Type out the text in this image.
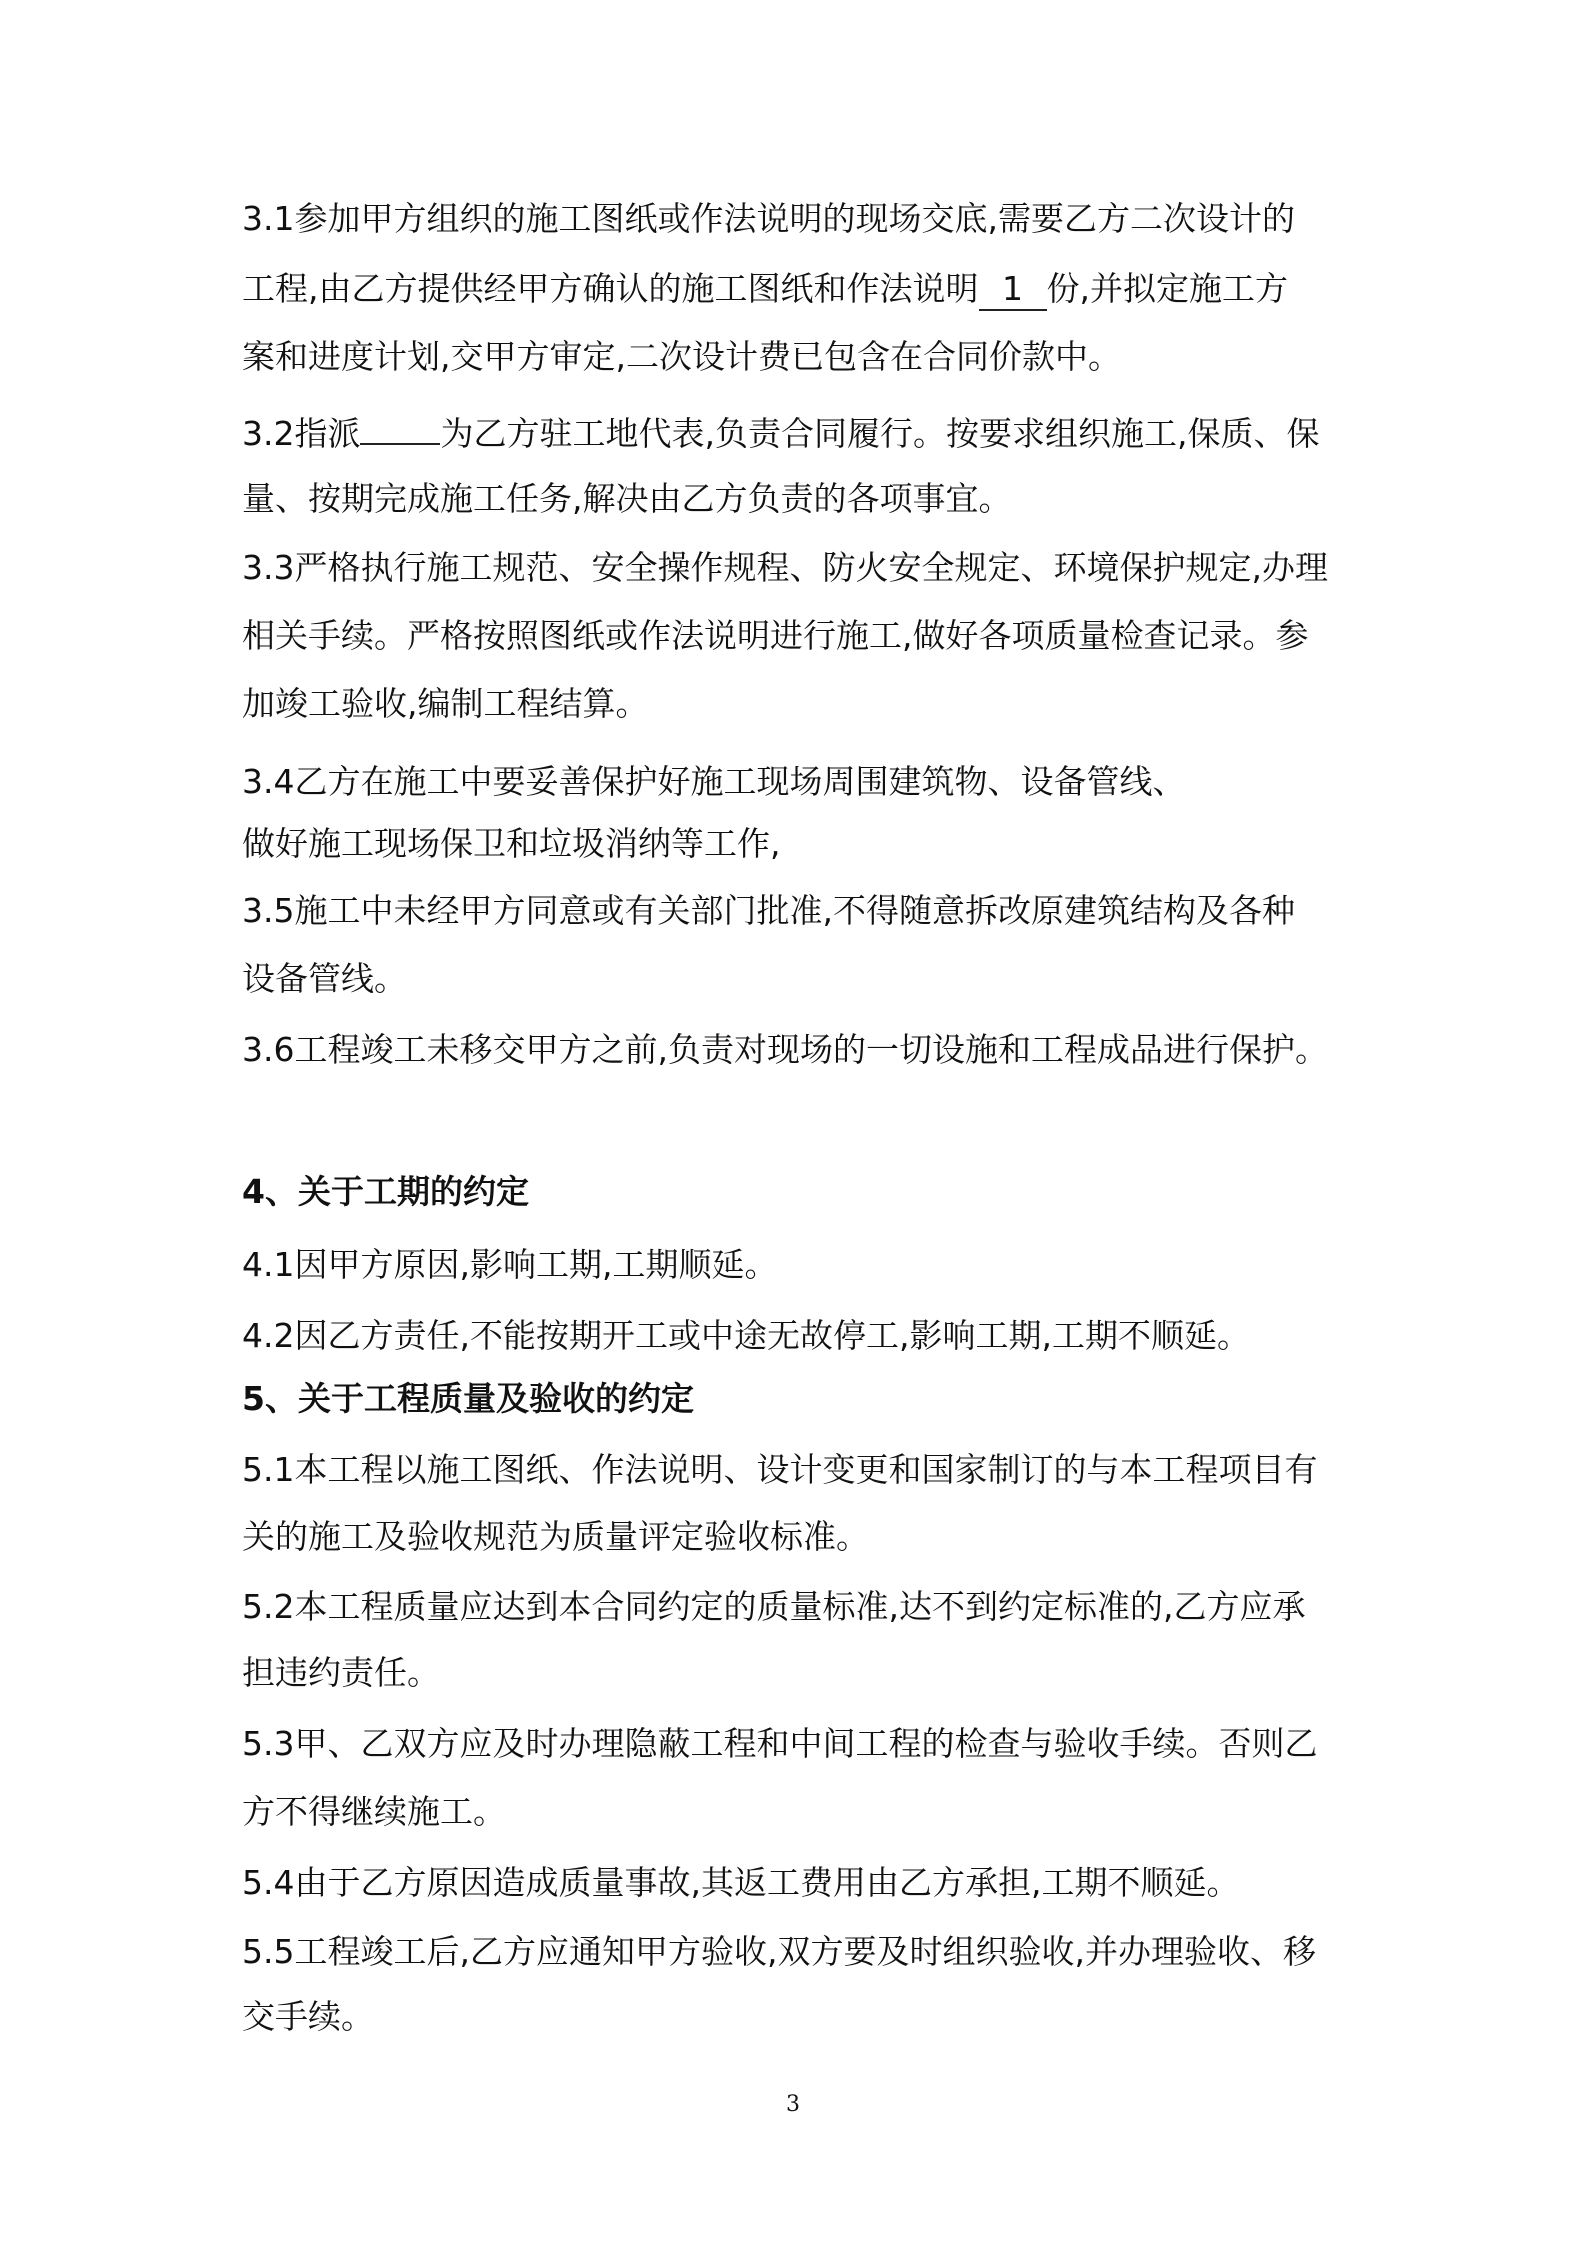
3.1参加甲方组织的施工图纸或作法说明的现场交底,需要乙方二次设计的

工程,由乙方提供经甲方确认的施工图纸和作法说明 1 份,并拟定施工方

案和进度计划,交甲方审定,二次设计费已包含在合同价款中。

3.2指派 为乙方驻工地代表,负责合同履行。按要求组织施工,保质、保

量、按期完成施工任务,解决由乙方负责的各项事宜。

3.3严格执行施工规范、安全操作规程、防火安全规定、环境保护规定,办理

相关手续。严格按照图纸或作法说明进行施工,做好各项质量检查记录。参

加竣工验收,编制工程结算。

3.4乙方在施工中要妥善保护好施工现场周围建筑物、设备管线、

做好施工现场保卫和垃圾消纳等工作,

3.5施工中未经甲方同意或有关部门批准,不得随意拆改原建筑结构及各种

设备管线。

3.6工程竣工未移交甲方之前,负责对现场的一切设施和工程成品进行保护。

4、关于工期的约定

4.1因甲方原因,影响工期,工期顺延。

4.2因乙方责任,不能按期开工或中途无故停工,影响工期,工期不顺延。

5、关于工程质量及验收的约定

5.1本工程以施工图纸、作法说明、设计变更和国家制订的与本工程项目有

关的施工及验收规范为质量评定验收标准。

5.2本工程质量应达到本合同约定的质量标准,达不到约定标准的,乙方应承

担违约责任。

5.3甲、乙双方应及时办理隐蔽工程和中间工程的检查与验收手续。否则乙

方不得继续施工。

5.4由于乙方原因造成质量事故,其返工费用由乙方承担,工期不顺延。

5.5工程竣工后,乙方应通知甲方验收,双方要及时组织验收,并办理验收、移

交手续。

3
